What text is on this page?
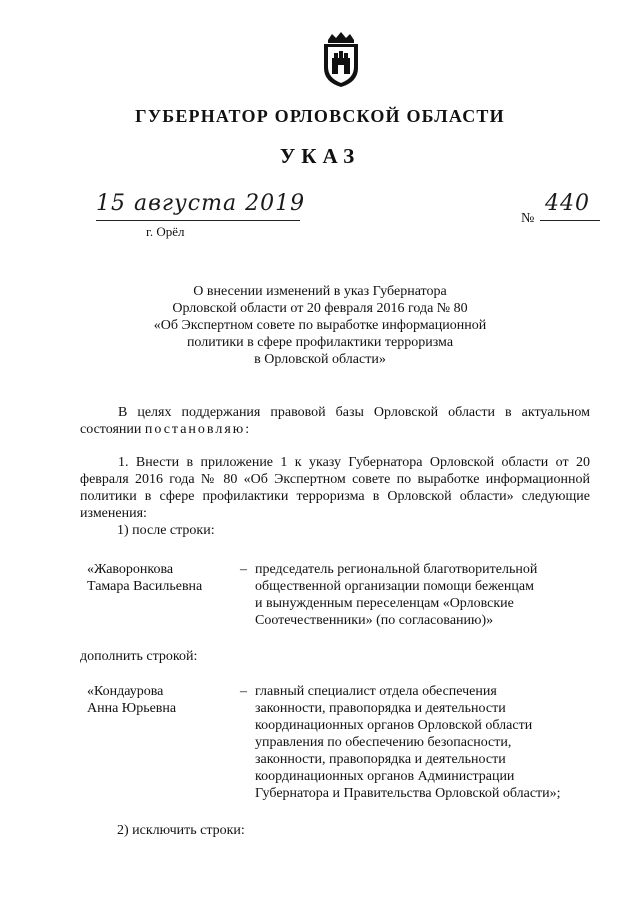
ГУБЕРНАТОР ОРЛОВСКОЙ ОБЛАСТИ
УКАЗ
15 августа 2019
г. Орёл
№
440
О внесении изменений в указ Губернатора
Орловской области от 20 февраля 2016 года № 80
«Об Экспертном совете по выработке информационной
политики в сфере профилактики терроризма
в Орловской области»
В целях поддержания правовой базы Орловской области в актуальном состоянии постановляю:
1. Внести в приложение 1 к указу Губернатора Орловской области от 20 февраля 2016 года № 80 «Об Экспертном совете по выработке информационной политики в сфере профилактики терроризма в Орловской области» следующие изменения:
1) после строки:
«Жаворонкова
Тамара Васильевна
– председатель региональной благотворительной
общественной организации помощи беженцам
и вынужденным переселенцам «Орловские
Соотечественники» (по согласованию)»
дополнить строкой:
«Кондаурова
Анна Юрьевна
– главный специалист отдела обеспечения
законности, правопорядка и деятельности
координационных органов Орловской области
управления по обеспечению безопасности,
законности, правопорядка и деятельности
координационных органов Администрации
Губернатора и Правительства Орловской области»;
2) исключить строки:
